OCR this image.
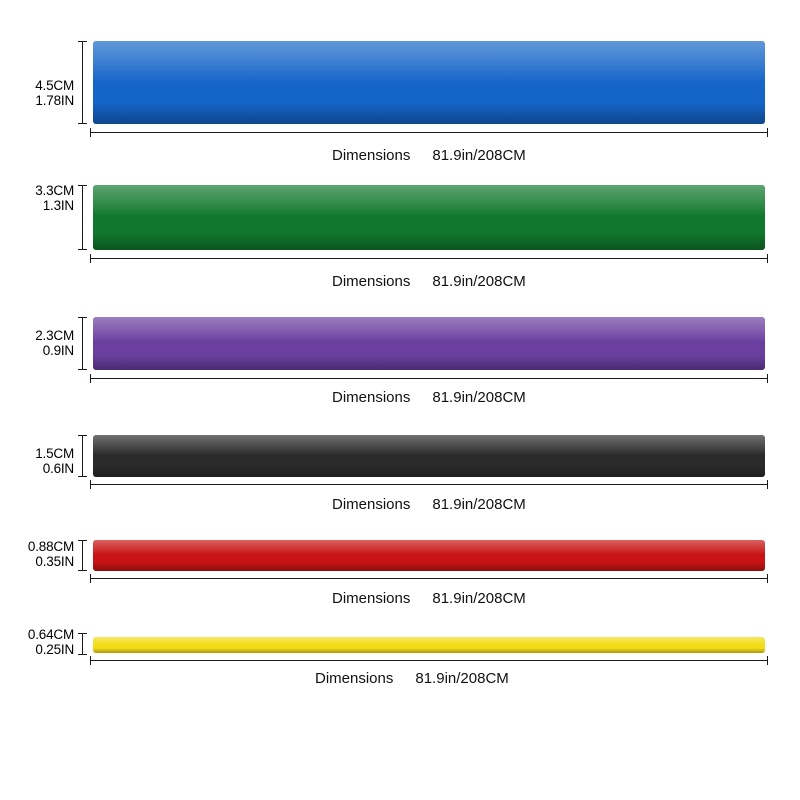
4.5CM
1.78IN
Dimensions 81.9in/208CM
3.3CM
1.3IN
Dimensions 81.9in/208CM
2.3CM
0.9IN
Dimensions 81.9in/208CM
1.5CM
0.6IN
Dimensions 81.9in/208CM
0.88CM
0.35IN
Dimensions 81.9in/208CM
0.64CM
0.25IN
Dimensions 81.9in/208CM
